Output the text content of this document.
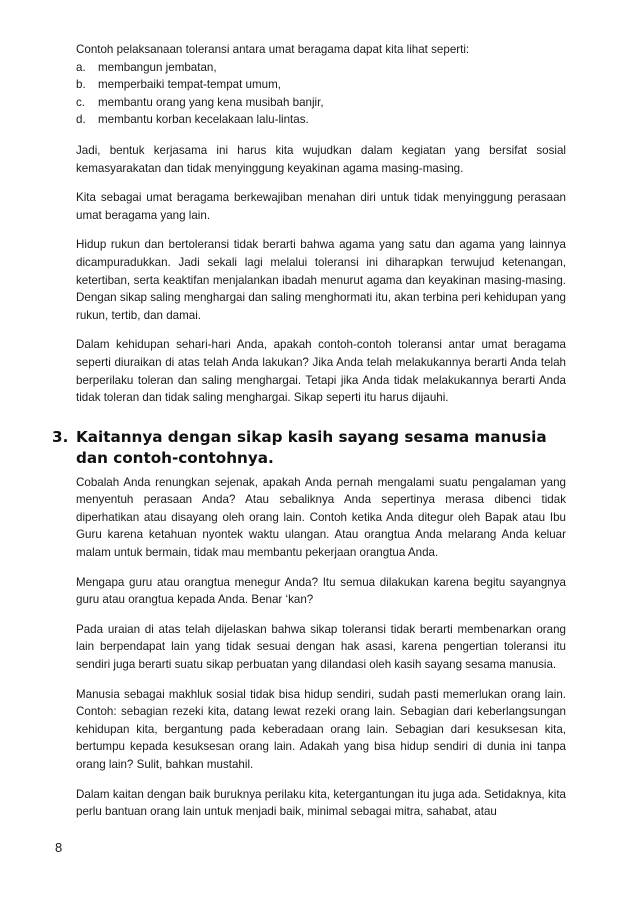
Contoh pelaksanaan toleransi antara umat beragama dapat kita lihat seperti:

a.	membangun jembatan,
b.	memperbaiki tempat-tempat umum,
c.	membantu orang yang kena musibah banjir,
d.	membantu korban kecelakaan lalu-lintas.

Jadi, bentuk kerjasama ini harus kita wujudkan dalam kegiatan yang bersifat sosial kemasyarakatan dan tidak menyinggung keyakinan agama masing-masing.

Kita sebagai umat beragama berkewajiban menahan diri untuk tidak menyinggung perasaan umat beragama yang lain.

Hidup rukun dan bertoleransi tidak berarti bahwa agama yang satu dan agama yang lainnya dicampuradukkan. Jadi sekali lagi melalui toleransi ini diharapkan terwujud ketenangan, ketertiban, serta keaktifan menjalankan ibadah menurut agama dan keyakinan masing-masing. Dengan sikap saling menghargai dan saling menghormati itu, akan terbina peri kehidupan yang rukun, tertib, dan damai.

Dalam kehidupan sehari-hari Anda, apakah contoh-contoh toleransi antar umat beragama seperti diuraikan di atas telah Anda lakukan? Jika Anda telah melakukannya berarti Anda telah berperilaku toleran dan saling menghargai. Tetapi jika Anda tidak melakukannya berarti Anda tidak toleran dan tidak saling menghargai. Sikap seperti itu harus dijauhi.

3. Kaitannya dengan sikap kasih sayang sesama manusia dan contoh-contohnya.

Cobalah Anda renungkan sejenak, apakah Anda pernah mengalami suatu pengalaman yang menyentuh perasaan Anda? Atau sebaliknya Anda sepertinya merasa dibenci tidak diperhatikan atau disayang oleh orang lain. Contoh ketika Anda ditegur oleh Bapak atau Ibu Guru karena ketahuan nyontek waktu ulangan. Atau orangtua Anda melarang Anda keluar malam untuk bermain, tidak mau membantu pekerjaan orangtua Anda.

Mengapa guru atau orangtua menegur Anda? Itu semua dilakukan karena begitu sayangnya guru atau orangtua kepada Anda. Benar ‘kan?

Pada uraian di atas telah dijelaskan bahwa sikap toleransi tidak berarti membenarkan orang lain berpendapat lain yang tidak sesuai dengan hak asasi, karena pengertian toleransi itu sendiri juga berarti suatu sikap perbuatan yang dilandasi oleh kasih sayang sesama manusia.

Manusia sebagai makhluk sosial tidak bisa hidup sendiri, sudah pasti memerlukan orang lain. Contoh: sebagian rezeki kita, datang lewat rezeki orang lain. Sebagian dari keberlangsungan kehidupan kita, bergantung pada keberadaan orang lain. Sebagian dari kesuksesan kita, bertumpu kepada kesuksesan orang lain. Adakah yang bisa hidup sendiri di dunia ini tanpa orang lain? Sulit, bahkan mustahil.

Dalam kaitan dengan baik buruknya perilaku kita, ketergantungan itu juga ada. Setidaknya, kita perlu bantuan orang lain untuk menjadi baik, minimal sebagai mitra, sahabat, atau

8
